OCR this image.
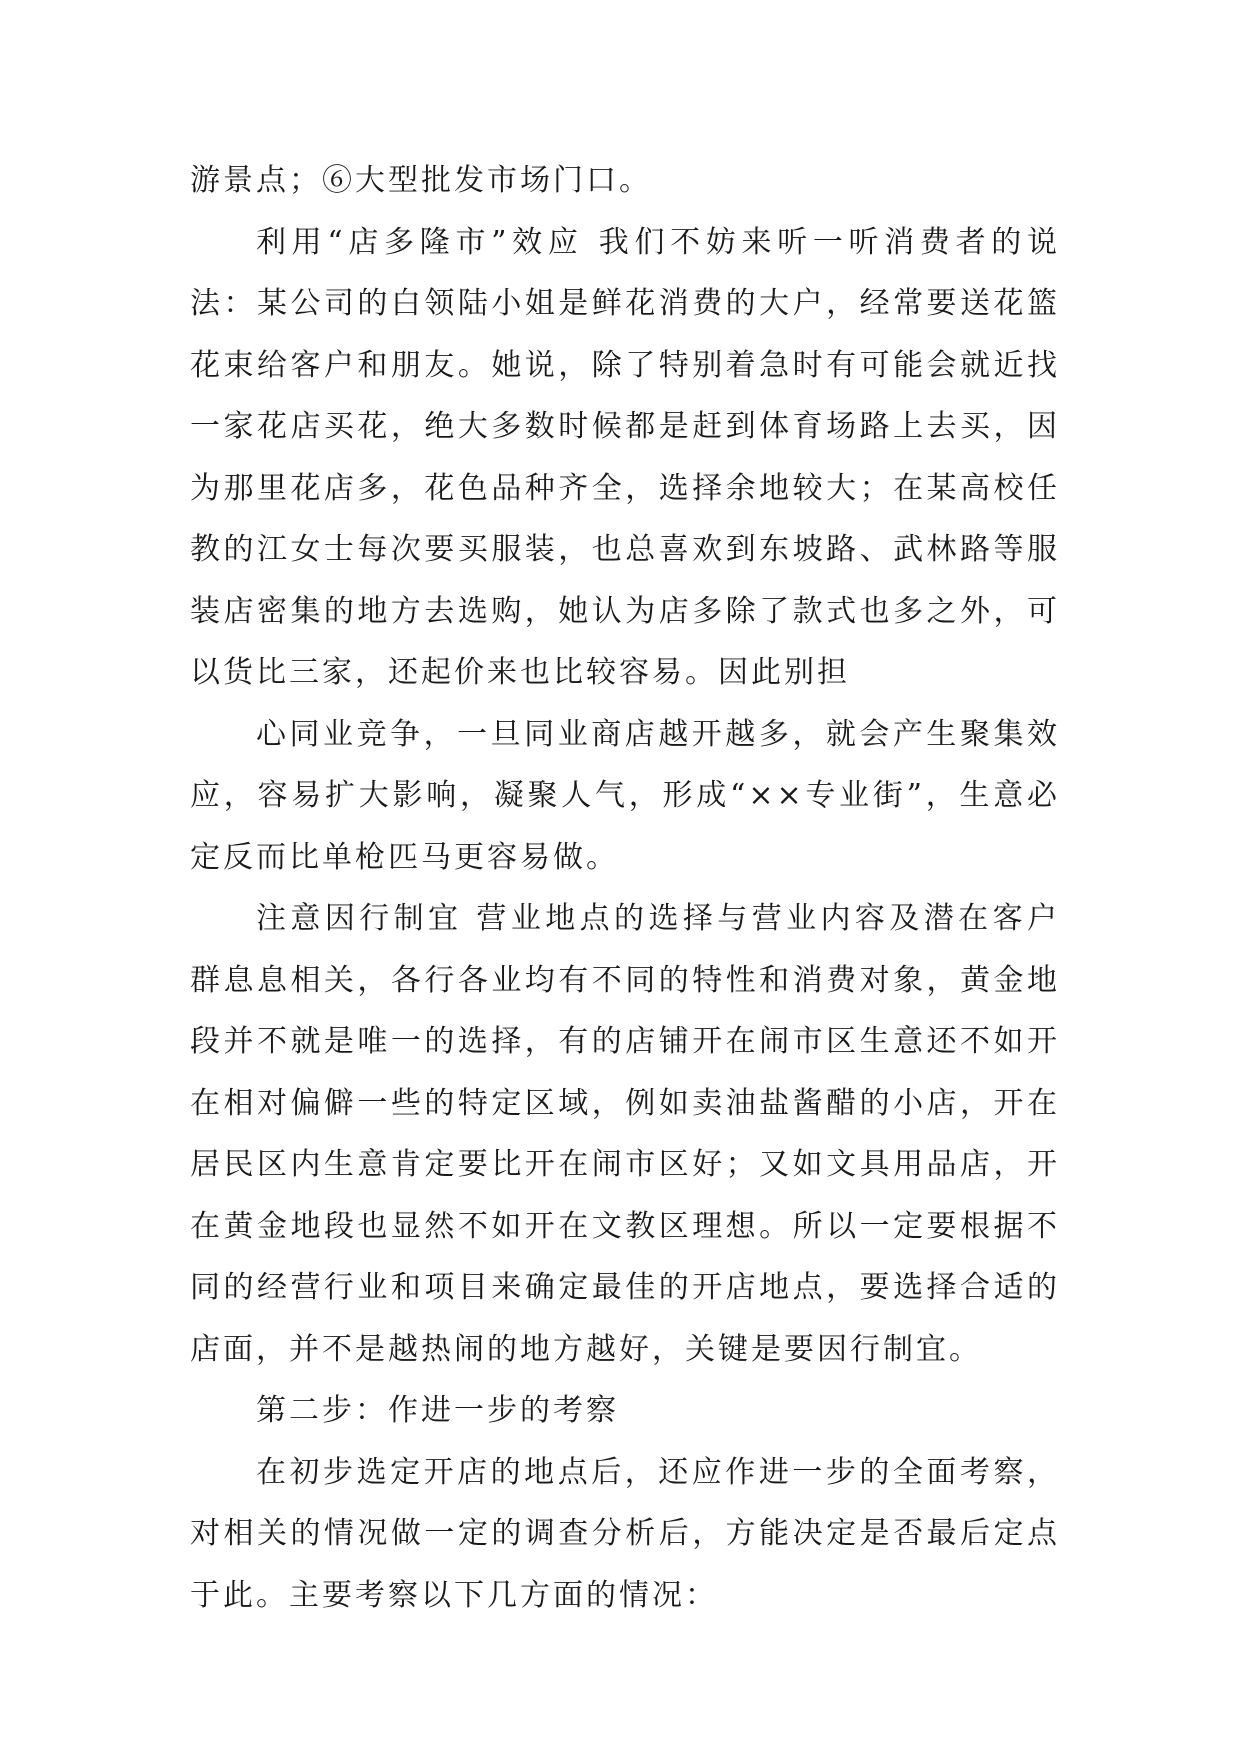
游景点；⑥大型批发市场门口。

利用“店多隆市”效应 我们不妨来听一听消费者的说法：某公司的白领陆小姐是鲜花消费的大户，经常要送花篮花束给客户和朋友。她说，除了特别着急时有可能会就近找一家花店买花，绝大多数时候都是赶到体育场路上去买，因为那里花店多，花色品种齐全，选择余地较大；在某高校任教的江女士每次要买服装，也总喜欢到东坡路、武林路等服装店密集的地方去选购，她认为店多除了款式也多之外，可以货比三家，还起价来也比较容易。因此别担

心同业竞争，一旦同业商店越开越多，就会产生聚集效应，容易扩大影响，凝聚人气，形成“××专业街”，生意必定反而比单枪匹马更容易做。

注意因行制宜 营业地点的选择与营业内容及潜在客户群息息相关，各行各业均有不同的特性和消费对象，黄金地段并不就是唯一的选择，有的店铺开在闹市区生意还不如开在相对偏僻一些的特定区域，例如卖油盐酱醋的小店，开在居民区内生意肯定要比开在闹市区好；又如文具用品店，开在黄金地段也显然不如开在文教区理想。所以一定要根据不同的经营行业和项目来确定最佳的开店地点，要选择合适的店面，并不是越热闹的地方越好，关键是要因行制宜。

第二步：作进一步的考察

在初步选定开店的地点后，还应作进一步的全面考察，对相关的情况做一定的调查分析后，方能决定是否最后定点于此。主要考察以下几方面的情况：
